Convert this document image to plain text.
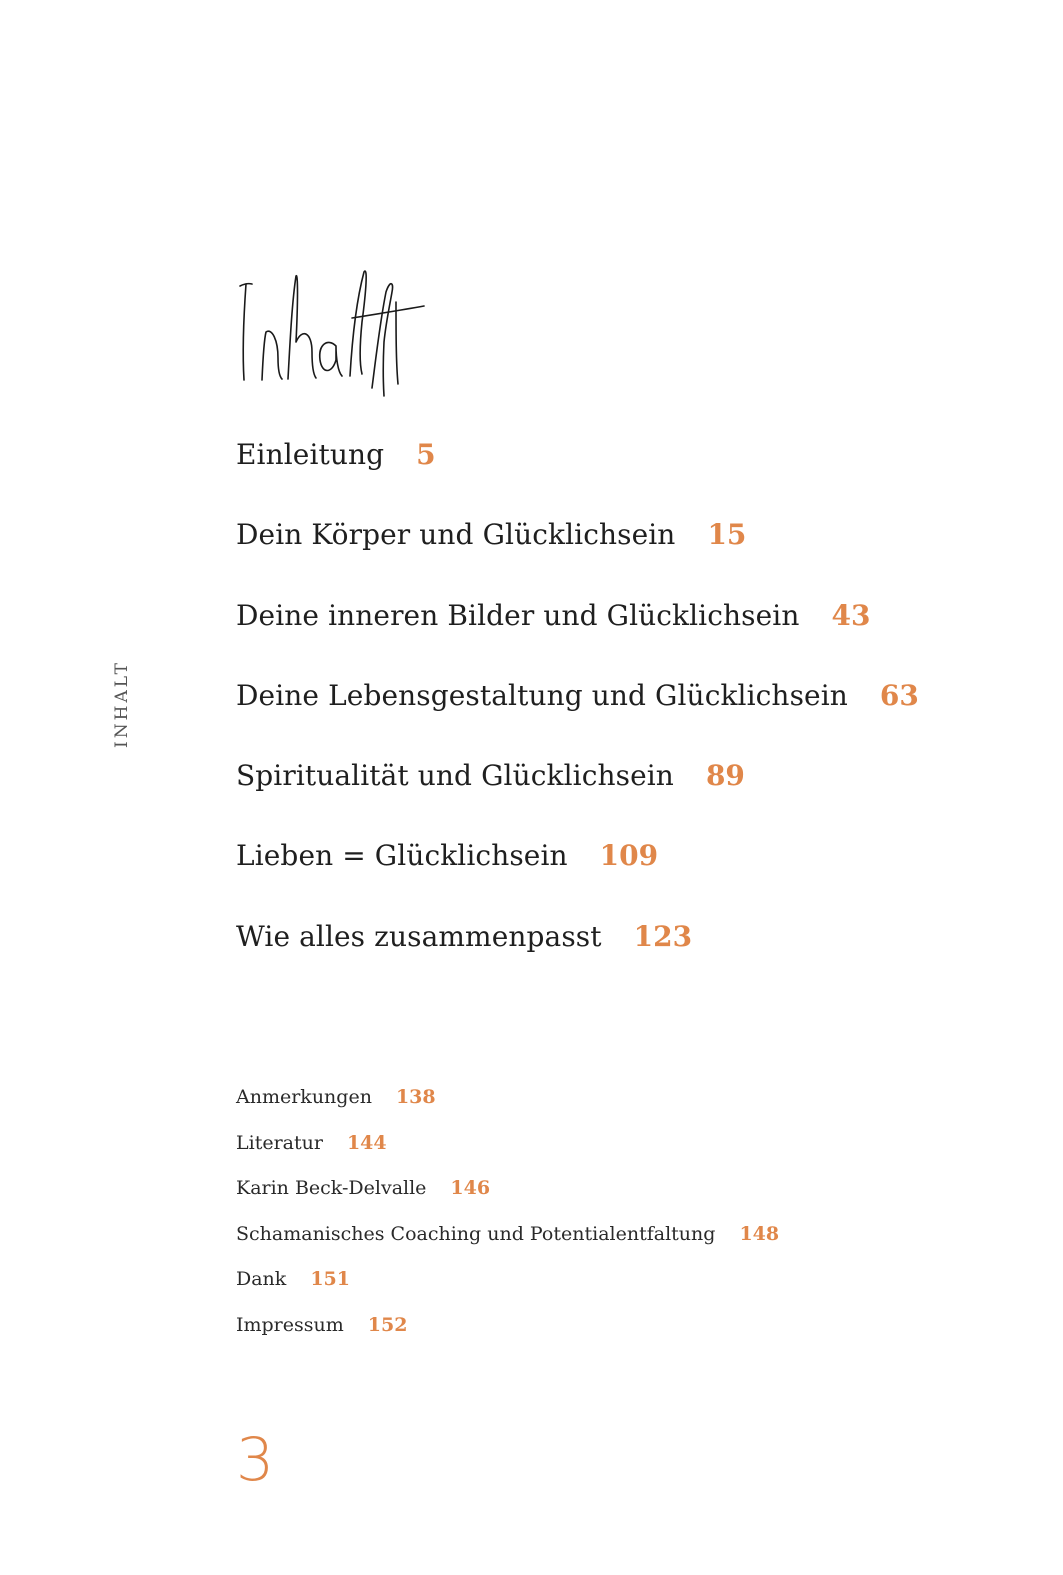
INHALT
Einleitung 5
Dein Körper und Glücklichsein 15
Deine inneren Bilder und Glücklichsein 43
Deine Lebensgestaltung und Glücklichsein 63
Spiritualität und Glücklichsein 89
Lieben = Glücklichsein 109
Wie alles zusammenpasst 123
Anmerkungen 138
Literatur 144
Karin Beck-Delvalle 146
Schamanisches Coaching und Potentialentfaltung 148
Dank 151
Impressum 152
3
